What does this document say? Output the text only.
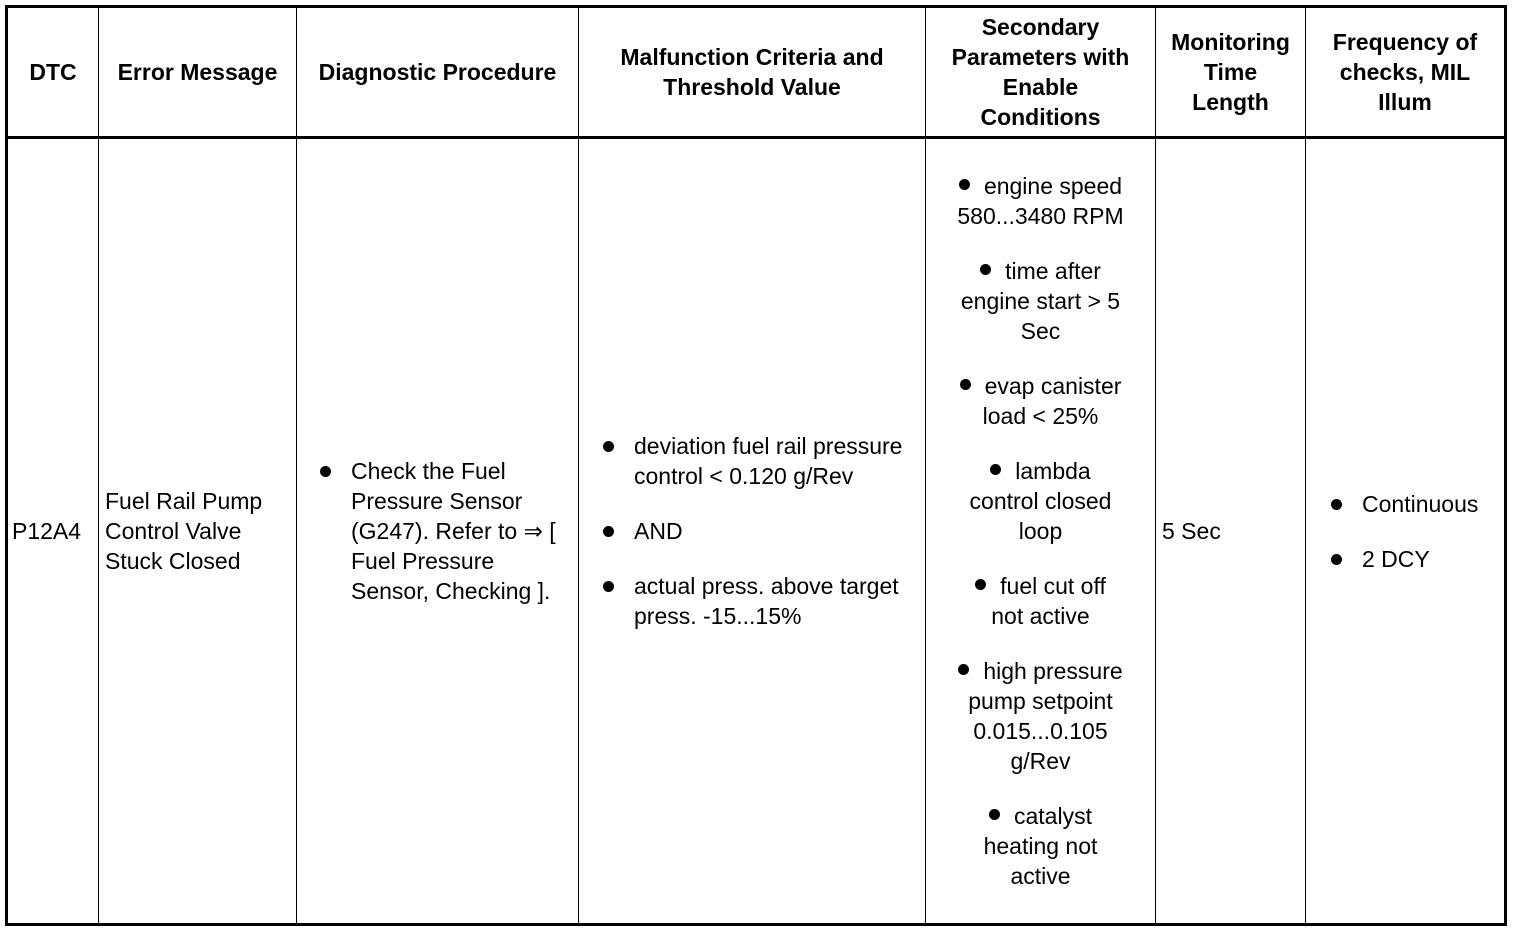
DTC	Error Message	Diagnostic Procedure
Malfunction Criteria and Threshold Value
Secondary Parameters with Enable Conditions
Monitoring Time Length
Frequency of checks, MIL Illum
P12A4
Fuel Rail Pump Control Valve Stuck Closed
Check the Fuel Pressure Sensor (G247). Refer to ⇒ [ Fuel Pressure Sensor, Checking ].
deviation fuel rail pressure control < 0.120 g/Rev
AND
actual press. above target press. -15...15%
engine speed 580...3480 RPM
time after engine start > 5 Sec
evap canister load < 25%
lambda control closed loop
fuel cut off not active
high pressure pump setpoint 0.015...0.105 g/Rev
catalyst heating not active
5 Sec
Continuous
2 DCY
